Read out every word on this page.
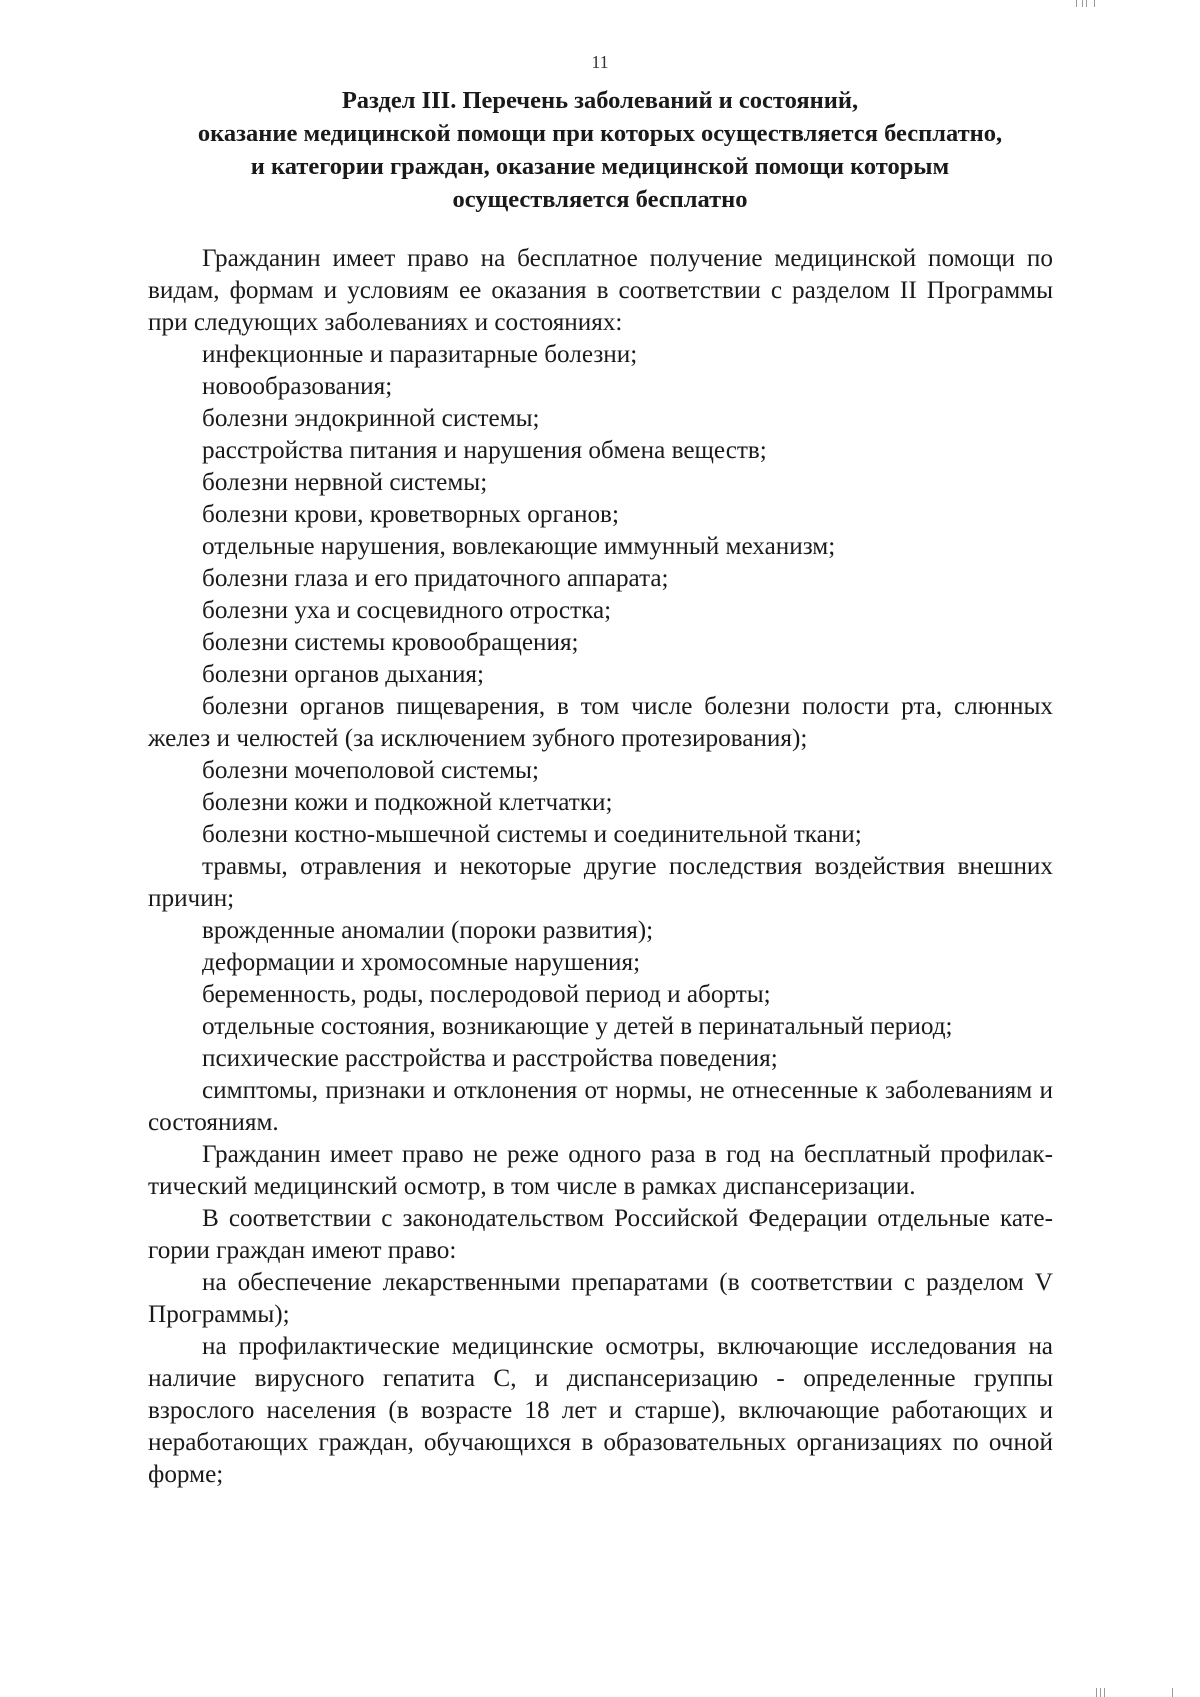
11
Раздел III. Перечень заболеваний и состояний,
оказание медицинской помощи при которых осуществляется бесплатно,
и категории граждан, оказание медицинской помощи которым
осуществляется бесплатно

Гражданин имеет право на бесплатное получение медицинской помощи по видам, формам и условиям ее оказания в соответствии с разделом II Программы при следующих заболеваниях и состояниях:

инфекционные и паразитарные болезни;

новообразования;

болезни эндокринной системы;

расстройства питания и нарушения обмена веществ;

болезни нервной системы;

болезни крови, кроветворных органов;

отдельные нарушения, вовлекающие иммунный механизм;

болезни глаза и его придаточного аппарата;

болезни уха и сосцевидного отростка;

болезни системы кровообращения;

болезни органов дыхания;

болезни органов пищеварения, в том числе болезни полости рта, слюнных желез и челюстей (за исключением зубного протезирования);

болезни мочеполовой системы;

болезни кожи и подкожной клетчатки;

болезни костно-мышечной системы и соединительной ткани;

травмы, отравления и некоторые другие последствия воздействия внешних причин;

врожденные аномалии (пороки развития);

деформации и хромосомные нарушения;

беременность, роды, послеродовой период и аборты;

отдельные состояния, возникающие у детей в перинатальный период;

психические расстройства и расстройства поведения;

симптомы, признаки и отклонения от нормы, не отнесенные к заболеваниям и состояниям.

Гражданин имеет право не реже одного раза в год на бесплатный профилак-тический медицинский осмотр, в том числе в рамках диспансеризации.

В соответствии с законодательством Российской Федерации отдельные кате-гории граждан имеют право:

на обеспечение лекарственными препаратами (в соответствии с разделом V Программы);

на профилактические медицинские осмотры, включающие исследования на наличие вирусного гепатита С, и диспансеризацию - определенные группы взрослого населения (в возрасте 18 лет и старше), включающие работающих и неработающих граждан, обучающихся в образовательных организациях по очной форме;
